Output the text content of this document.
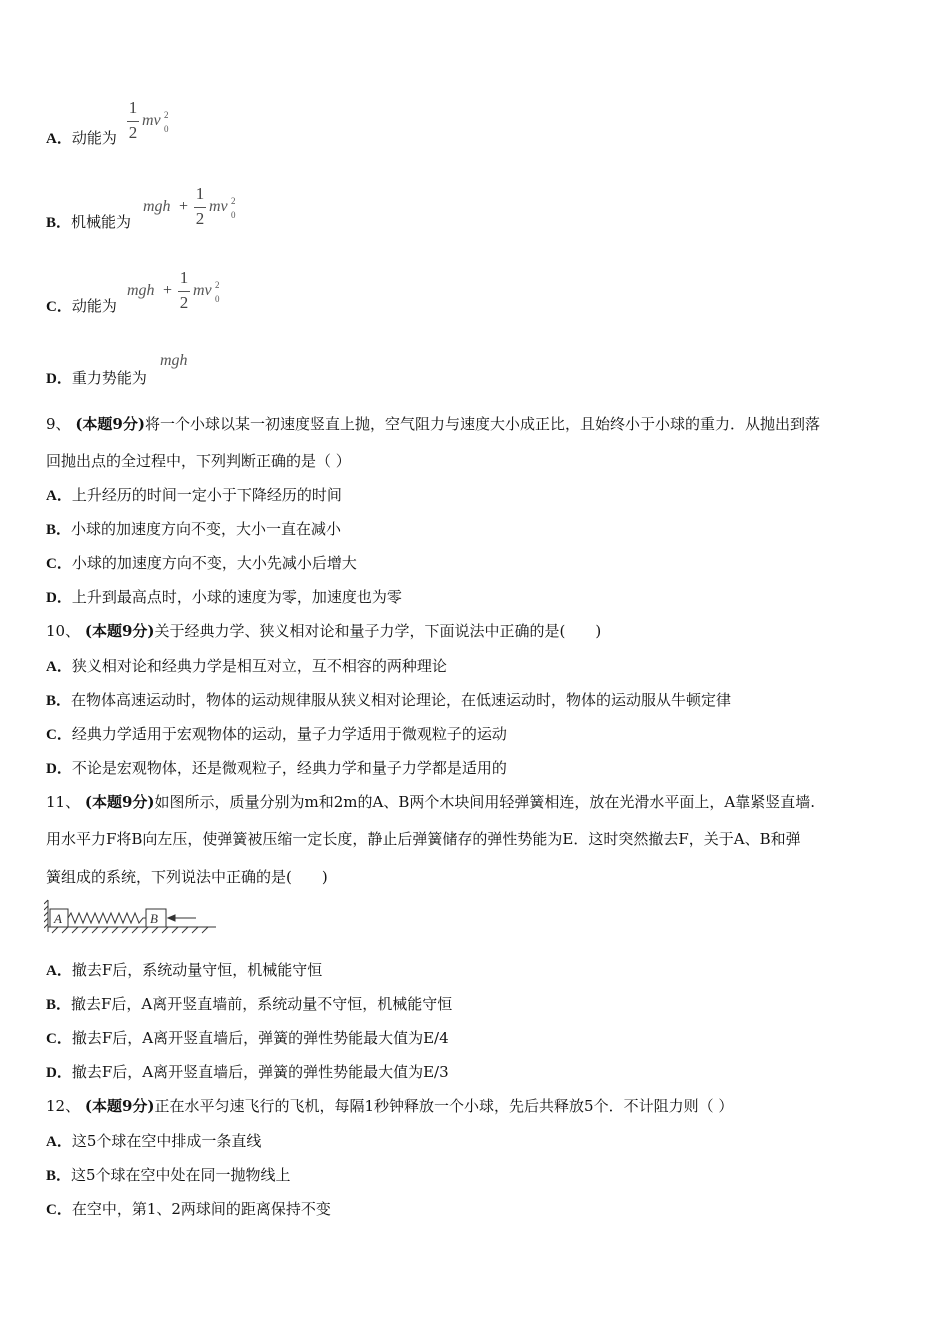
A．动能为
1
2
mv 2
0
B．机械能为
mgh +
1
2
mv 2
0
C．动能为
mgh +
1
2
mv 2
0
D．重力势能为
mgh
9、 (本题9分)将一个小球以某一初速度竖直上抛，空气阻力与速度大小成正比，且始终小于小球的重力．从抛出到落
回抛出点的全过程中，下列判断正确的是（ ）
A．上升经历的时间一定小于下降经历的时间
B．小球的加速度方向不变，大小一直在减小
C．小球的加速度方向不变，大小先减小后增大
D．上升到最高点时，小球的速度为零，加速度也为零
10、 (本题9分)关于经典力学、狭义相对论和量子力学，下面说法中正确的是(　　)
A．狭义相对论和经典力学是相互对立，互不相容的两种理论
B．在物体高速运动时，物体的运动规律服从狭义相对论理论，在低速运动时，物体的运动服从牛顿定律
C．经典力学适用于宏观物体的运动，量子力学适用于微观粒子的运动
D．不论是宏观物体，还是微观粒子，经典力学和量子力学都是适用的
11、 (本题9分)如图所示，质量分别为m和2m的A、B两个木块间用轻弹簧相连，放在光滑水平面上，A靠紧竖直墙.
用水平力F将B向左压，使弹簧被压缩一定长度，静止后弹簧储存的弹性势能为E．这时突然撤去F，关于A、B和弹
簧组成的系统，下列说法中正确的是(　　)
A	B
A．撤去F后，系统动量守恒，机械能守恒
B．撤去F后，A离开竖直墙前，系统动量不守恒，机械能守恒
C．撤去F后，A离开竖直墙后，弹簧的弹性势能最大值为E/4
D．撤去F后，A离开竖直墙后，弹簧的弹性势能最大值为E/3
12、 (本题9分)正在水平匀速飞行的飞机，每隔1秒钟释放一个小球，先后共释放5个．不计阻力则（ ）
A．这5个球在空中排成一条直线
B．这5个球在空中处在同一抛物线上
C．在空中，第1、2两球间的距离保持不变
